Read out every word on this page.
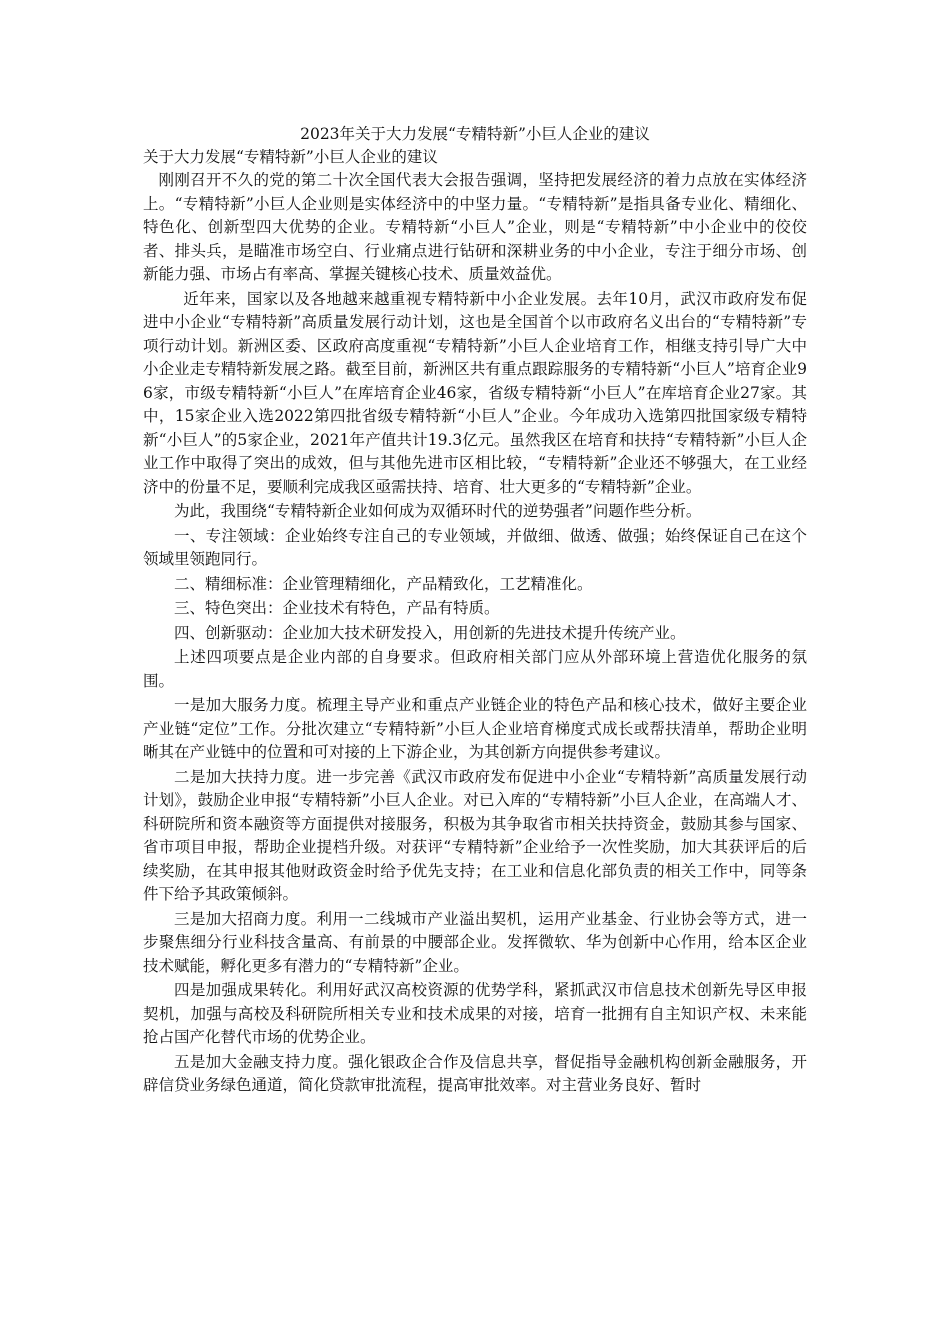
2023年关于大力发展“专精特新”小巨人企业的建议

关于大力发展“专精特新”小巨人企业的建议

刚刚召开不久的党的第二十次全国代表大会报告强调，坚持把发展经济的着力点放在实体经济上。“专精特新”小巨人企业则是实体经济中的中坚力量。“专精特新”是指具备专业化、精细化、特色化、创新型四大优势的企业。专精特新“小巨人”企业，则是“专精特新”中小企业中的佼佼者、排头兵，是瞄准市场空白、行业痛点进行钻研和深耕业务的中小企业，专注于细分市场、创新能力强、市场占有率高、掌握关键核心技术、质量效益优。

近年来，国家以及各地越来越重视专精特新中小企业发展。去年10月，武汉市政府发布促进中小企业“专精特新”高质量发展行动计划，这也是全国首个以市政府名义出台的“专精特新”专项行动计划。新洲区委、区政府高度重视“专精特新”小巨人企业培育工作，相继支持引导广大中小企业走专精特新发展之路。截至目前，新洲区共有重点跟踪服务的专精特新“小巨人”培育企业96家，市级专精特新“小巨人”在库培育企业46家，省级专精特新“小巨人”在库培育企业27家。其中，15家企业入选2022第四批省级专精特新“小巨人”企业。今年成功入选第四批国家级专精特新“小巨人”的5家企业，2021年产值共计19.3亿元。虽然我区在培育和扶持“专精特新”小巨人企业工作中取得了突出的成效，但与其他先进市区相比较，“专精特新”企业还不够强大，在工业经济中的份量不足，要顺利完成我区亟需扶持、培育、壮大更多的“专精特新”企业。

为此，我围绕“专精特新企业如何成为双循环时代的逆势强者”问题作些分析。

一、专注领域：企业始终专注自己的专业领域，并做细、做透、做强；始终保证自己在这个领域里领跑同行。

二、精细标准：企业管理精细化，产品精致化，工艺精准化。

三、特色突出：企业技术有特色，产品有特质。

四、创新驱动：企业加大技术研发投入，用创新的先进技术提升传统产业。

上述四项要点是企业内部的自身要求。但政府相关部门应从外部环境上营造优化服务的氛围。

一是加大服务力度。梳理主导产业和重点产业链企业的特色产品和核心技术，做好主要企业产业链“定位”工作。分批次建立“专精特新”小巨人企业培育梯度式成长或帮扶清单，帮助企业明晰其在产业链中的位置和可对接的上下游企业，为其创新方向提供参考建议。

二是加大扶持力度。进一步完善《武汉市政府发布促进中小企业“专精特新”高质量发展行动计划》，鼓励企业申报“专精特新”小巨人企业。对已入库的“专精特新”小巨人企业，在高端人才、科研院所和资本融资等方面提供对接服务，积极为其争取省市相关扶持资金，鼓励其参与国家、省市项目申报，帮助企业提档升级。对获评“专精特新”企业给予一次性奖励，加大其获评后的后续奖励，在其申报其他财政资金时给予优先支持；在工业和信息化部负责的相关工作中，同等条件下给予其政策倾斜。

三是加大招商力度。利用一二线城市产业溢出契机，运用产业基金、行业协会等方式，进一步聚焦细分行业科技含量高、有前景的中腰部企业。发挥微软、华为创新中心作用，给本区企业技术赋能，孵化更多有潜力的“专精特新”企业。

四是加强成果转化。利用好武汉高校资源的优势学科，紧抓武汉市信息技术创新先导区申报契机，加强与高校及科研院所相关专业和技术成果的对接，培育一批拥有自主知识产权、未来能抢占国产化替代市场的优势企业。

五是加大金融支持力度。强化银政企合作及信息共享，督促指导金融机构创新金融服务，开辟信贷业务绿色通道，简化贷款审批流程，提高审批效率。对主营业务良好、暂时
